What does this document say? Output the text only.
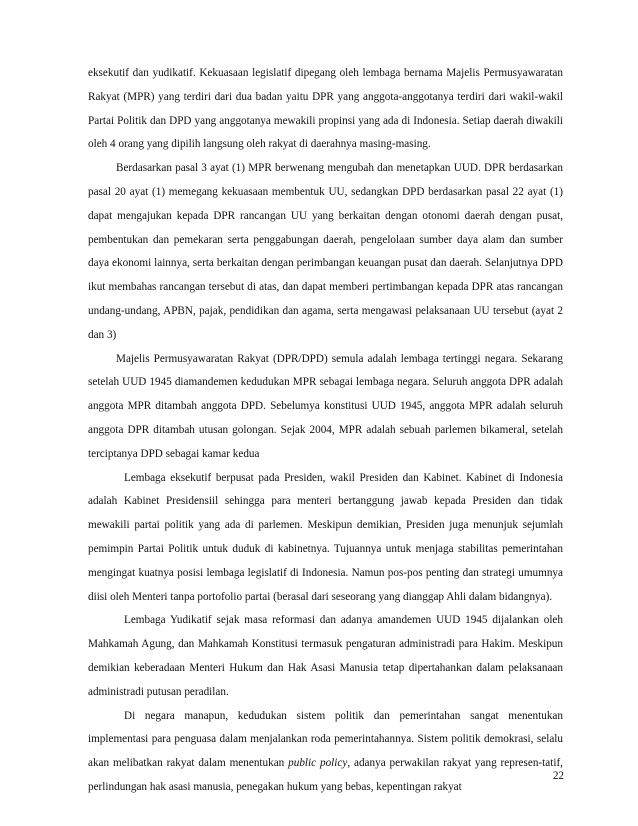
eksekutif dan yudikatif. Kekuasaan legislatif dipegang oleh lembaga bernama Majelis Permusyawaratan Rakyat (MPR) yang terdiri dari dua badan yaitu DPR yang anggota-anggotanya terdiri dari wakil-wakil Partai Politik dan DPD yang anggotanya mewakili propinsi yang ada di Indonesia. Setiap daerah diwakili oleh 4 orang yang dipilih langsung oleh rakyat di daerahnya masing-masing.

Berdasarkan pasal 3 ayat (1) MPR berwenang mengubah dan menetapkan UUD. DPR berdasarkan pasal 20 ayat (1) memegang kekuasaan membentuk UU, sedangkan DPD berdasarkan pasal 22 ayat (1) dapat mengajukan kepada DPR rancangan UU yang berkaitan dengan otonomi daerah dengan pusat, pembentukan dan pemekaran serta penggabungan daerah, pengelolaan sumber daya alam dan sumber daya ekonomi lainnya, serta berkaitan dengan perimbangan keuangan pusat dan daerah. Selanjutnya DPD ikut membahas rancangan tersebut di atas, dan dapat memberi pertimbangan kepada DPR atas rancangan undang-undang, APBN, pajak, pendidikan dan agama, serta mengawasi pelaksanaan UU tersebut (ayat 2 dan 3)

Majelis Permusyawaratan Rakyat (DPR/DPD) semula adalah lembaga tertinggi negara. Sekarang setelah UUD 1945 diamandemen kedudukan MPR sebagai lembaga negara. Seluruh anggota DPR adalah anggota MPR ditambah anggota DPD. Sebelumya konstitusi UUD 1945, anggota MPR adalah seluruh anggota DPR ditambah utusan golongan. Sejak 2004, MPR adalah sebuah parlemen bikameral, setelah terciptanya DPD sebagai kamar kedua

Lembaga eksekutif berpusat pada Presiden, wakil Presiden dan Kabinet. Kabinet di Indonesia adalah Kabinet Presidensiil sehingga para menteri bertanggung jawab kepada Presiden dan tidak mewakili partai politik yang ada di parlemen. Meskipun demikian, Presiden juga menunjuk sejumlah pemimpin Partai Politik untuk duduk di kabinetnya. Tujuannya untuk menjaga stabilitas pemerintahan mengingat kuatnya posisi lembaga legislatif di Indonesia. Namun pos-pos penting dan strategi umumnya diisi oleh Menteri tanpa portofolio partai (berasal dari seseorang yang dianggap Ahli dalam bidangnya).

Lembaga Yudikatif sejak masa reformasi dan adanya amandemen UUD 1945 dijalankan oleh Mahkamah Agung, dan Mahkamah Konstitusi termasuk pengaturan administradi para Hakim. Meskipun demikian keberadaan Menteri Hukum dan Hak Asasi Manusia tetap dipertahankan dalam pelaksanaan administradi putusan peradilan.

Di negara manapun, kedudukan sistem politik dan pemerintahan sangat menentukan implementasi para penguasa dalam menjalankan roda pemerintahannya. Sistem politik demokrasi, selalu akan melibatkan rakyat dalam menentukan public policy, adanya perwakilan rakyat yang represen-tatif, perlindungan hak asasi manusia, penegakan hukum yang bebas, kepentingan rakyat

22
